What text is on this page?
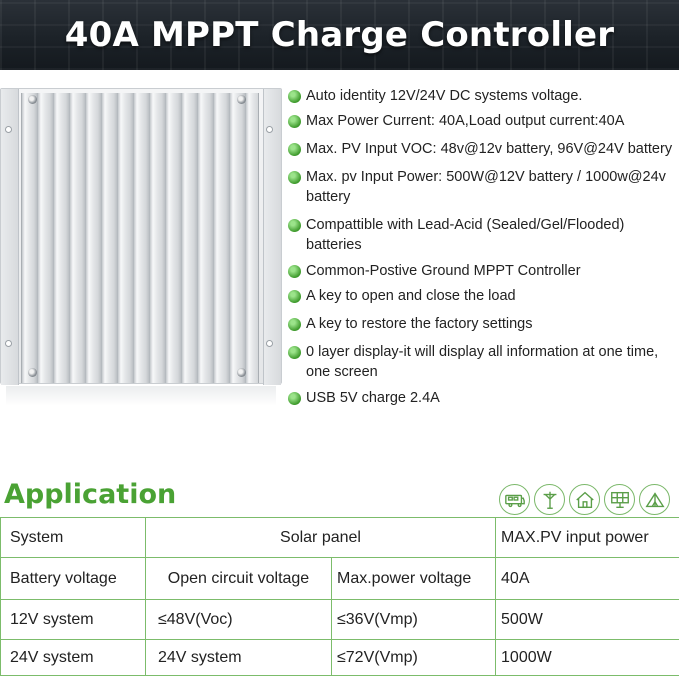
40A MPPT Charge Controller
Auto identity 12V/24V DC systems voltage.
Max Power Current: 40A,Load output current:40A
Max. PV Input VOC: 48v@12v battery, 96V@24V battery
Max. pv Input Power: 500W@12V battery / 1000w@24v battery
Compattible with Lead-Acid (Sealed/Gel/Flooded) batteries
Common-Postive Ground MPPT Controller
A key to open and close the load
A key to restore the factory settings
0 layer display-it will display all information at one time, one screen
USB 5V charge 2.4A
Application
System	Solar panel		MAX.PV input power
Battery voltage	Open circuit voltage	Max.power voltage	40A
12V system	≤48V(Voc)	≤36V(Vmp)	500W
24V system	24V system	≤72V(Vmp)	1000W
